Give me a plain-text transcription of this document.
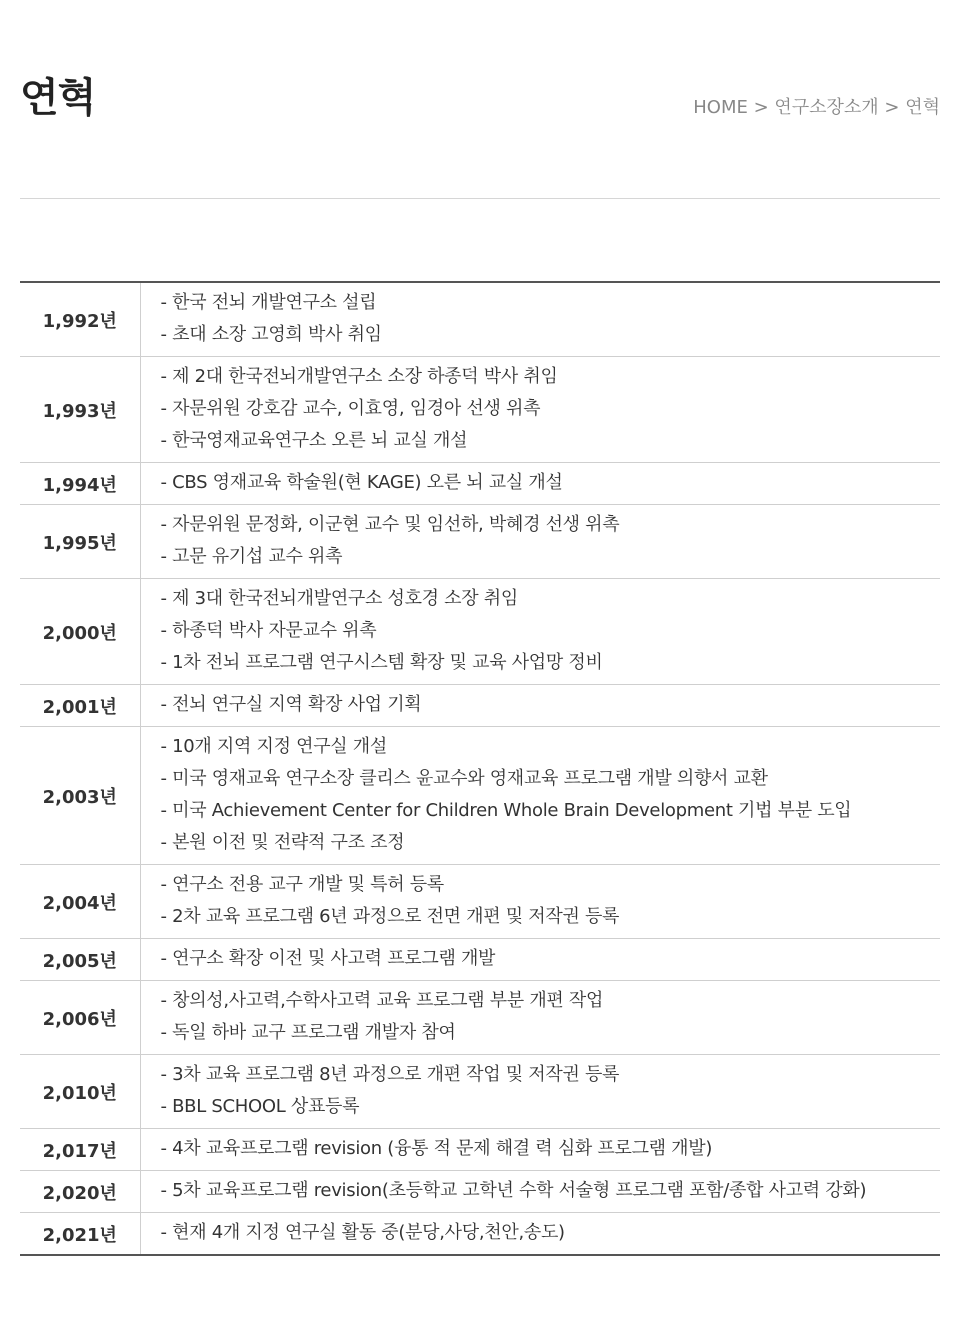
연혁	HOME > 연구소장소개 > 연혁
1,992년	- 한국 전뇌 개발연구소 설립
- 초대 소장 고영희 박사 취임

1,993년	- 제 2대 한국전뇌개발연구소 소장 하종덕 박사 취임
- 자문위원 강호감 교수, 이효영, 임경아 선생 위촉
- 한국영재교육연구소 오른 뇌 교실 개설

1,994년	- CBS 영재교육 학술원(현 KAGE) 오른 뇌 교실 개설

1,995년	- 자문위원 문정화, 이군현 교수 및 임선하, 박혜경 선생 위촉
- 고문 유기섭 교수 위촉

2,000년	- 제 3대 한국전뇌개발연구소 성호경 소장 취임
- 하종덕 박사 자문교수 위촉
- 1차 전뇌 프로그램 연구시스템 확장 및 교육 사업망 정비

2,001년	- 전뇌 연구실 지역 확장 사업 기획

2,003년	- 10개 지역 지정 연구실 개설
- 미국 영재교육 연구소장 클리스 윤교수와 영재교육 프로그램 개발 의향서 교환
- 미국 Achievement Center for Children Whole Brain Development 기법 부분 도입
- 본원 이전 및 전략적 구조 조정

2,004년	- 연구소 전용 교구 개발 및 특허 등록
- 2차 교육 프로그램 6년 과정으로 전면 개편 및 저작권 등록

2,005년	- 연구소 확장 이전 및 사고력 프로그램 개발

2,006년	- 창의성,사고력,수학사고력 교육 프로그램 부분 개편 작업
- 독일 하바 교구 프로그램 개발자 참여

2,010년	- 3차 교육 프로그램 8년 과정으로 개편 작업 및 저작권 등록
- BBL SCHOOL 상표등록

2,017년	- 4차 교육프로그램 revision (융통 적 문제 해결 력 심화 프로그램 개발)

2,020년	- 5차 교육프로그램 revision(초등학교 고학년 수학 서술형 프로그램 포함/종합 사고력 강화)

2,021년	- 현재 4개 지정 연구실 활동 중(분당,사당,천안,송도)
